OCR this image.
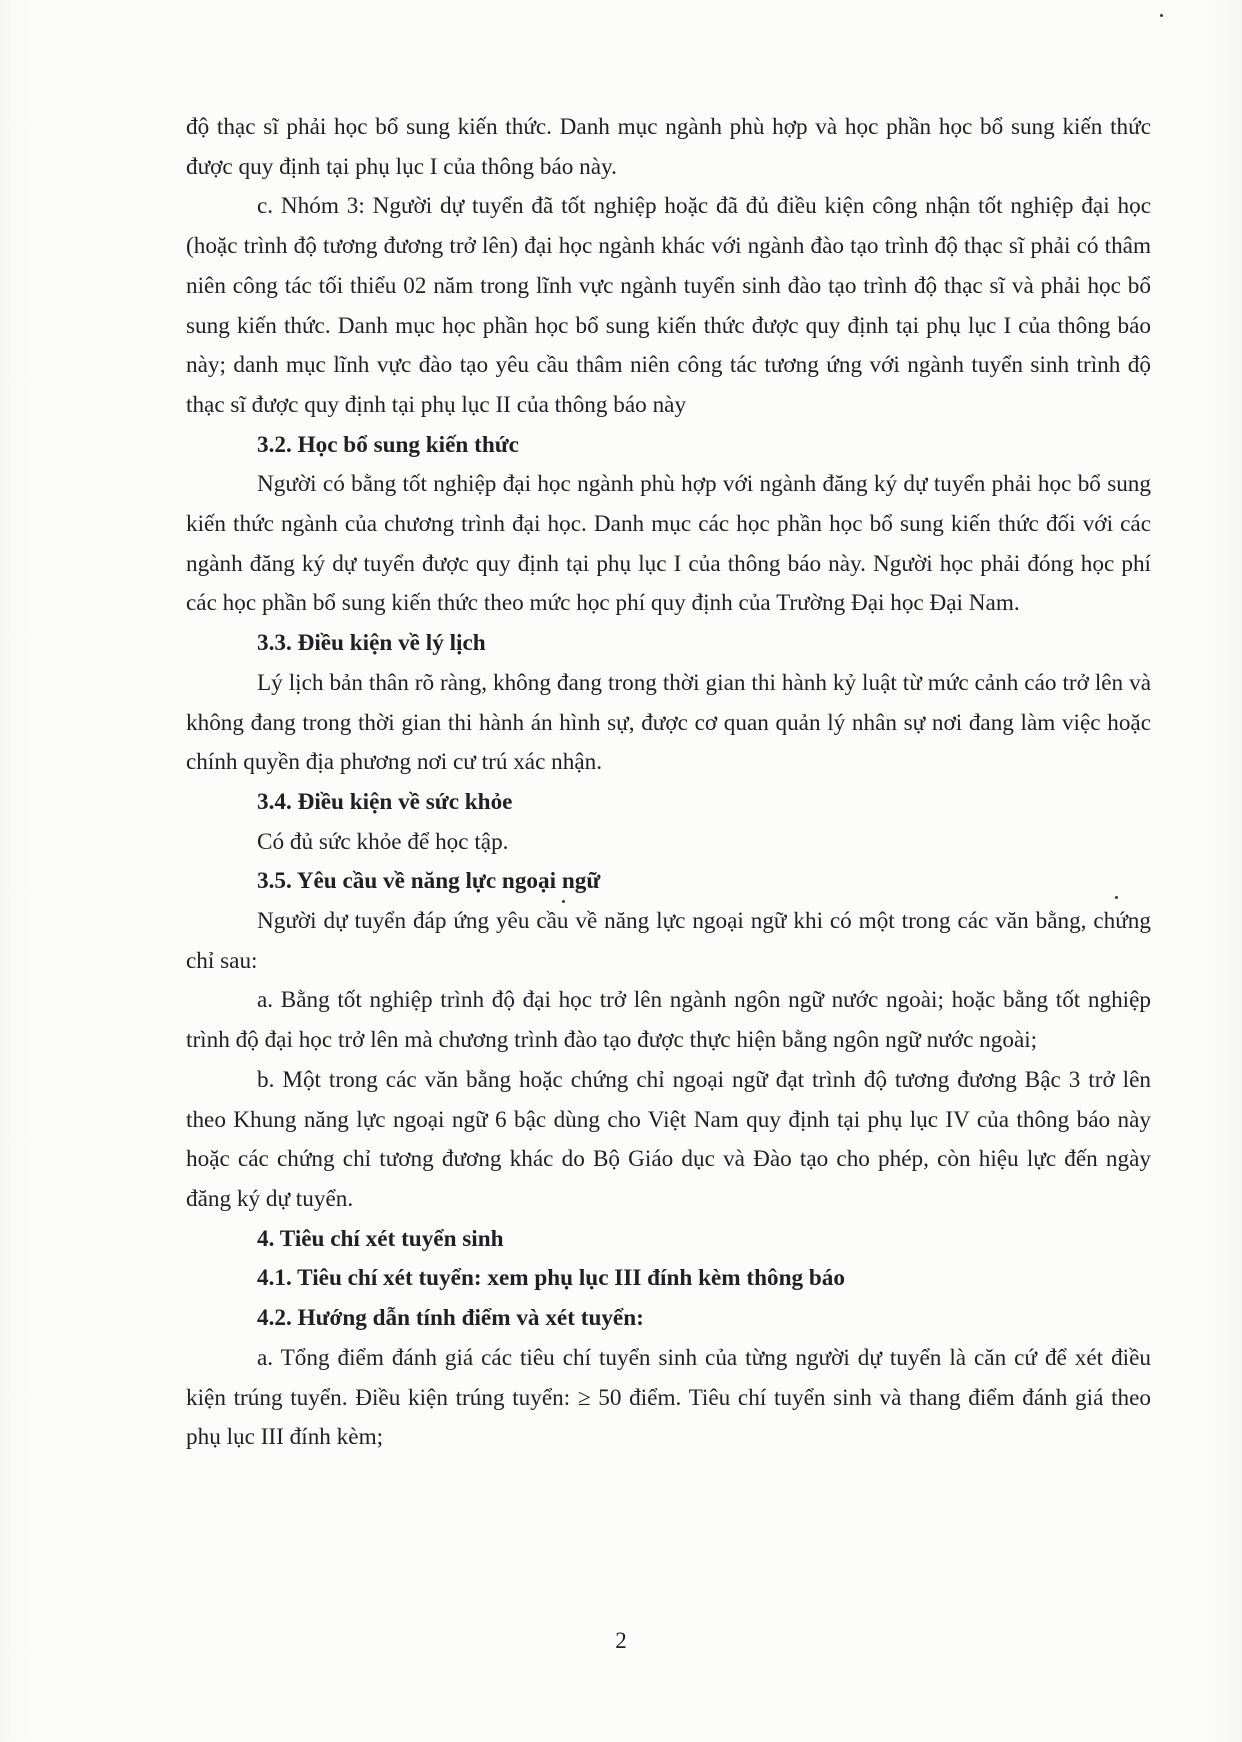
độ thạc sĩ phải học bổ sung kiến thức. Danh mục ngành phù hợp và học phần học bổ sung kiến thức được quy định tại phụ lục I của thông báo này.

c. Nhóm 3: Người dự tuyển đã tốt nghiệp hoặc đã đủ điều kiện công nhận tốt nghiệp đại học (hoặc trình độ tương đương trở lên) đại học ngành khác với ngành đào tạo trình độ thạc sĩ phải có thâm niên công tác tối thiểu 02 năm trong lĩnh vực ngành tuyển sinh đào tạo trình độ thạc sĩ và phải học bổ sung kiến thức. Danh mục học phần học bổ sung kiến thức được quy định tại phụ lục I của thông báo này; danh mục lĩnh vực đào tạo yêu cầu thâm niên công tác tương ứng với ngành tuyển sinh trình độ thạc sĩ được quy định tại phụ lục II của thông báo này

3.2. Học bổ sung kiến thức

Người có bằng tốt nghiệp đại học ngành phù hợp với ngành đăng ký dự tuyển phải học bổ sung kiến thức ngành của chương trình đại học. Danh mục các học phần học bổ sung kiến thức đối với các ngành đăng ký dự tuyển được quy định tại phụ lục I của thông báo này. Người học phải đóng học phí các học phần bổ sung kiến thức theo mức học phí quy định của Trường Đại học Đại Nam.

3.3. Điều kiện về lý lịch

Lý lịch bản thân rõ ràng, không đang trong thời gian thi hành kỷ luật từ mức cảnh cáo trở lên và không đang trong thời gian thi hành án hình sự, được cơ quan quản lý nhân sự nơi đang làm việc hoặc chính quyền địa phương nơi cư trú xác nhận.

3.4. Điều kiện về sức khỏe

Có đủ sức khỏe để học tập.

3.5. Yêu cầu về năng lực ngoại ngữ

Người dự tuyển đáp ứng yêu cầu về năng lực ngoại ngữ khi có một trong các văn bằng, chứng chỉ sau:

a. Bằng tốt nghiệp trình độ đại học trở lên ngành ngôn ngữ nước ngoài; hoặc bằng tốt nghiệp trình độ đại học trở lên mà chương trình đào tạo được thực hiện bằng ngôn ngữ nước ngoài;

b. Một trong các văn bằng hoặc chứng chỉ ngoại ngữ đạt trình độ tương đương Bậc 3 trở lên theo Khung năng lực ngoại ngữ 6 bậc dùng cho Việt Nam quy định tại phụ lục IV của thông báo này hoặc các chứng chỉ tương đương khác do Bộ Giáo dục và Đào tạo cho phép, còn hiệu lực đến ngày đăng ký dự tuyển.

4. Tiêu chí xét tuyển sinh

4.1. Tiêu chí xét tuyển: xem phụ lục III đính kèm thông báo

4.2. Hướng dẫn tính điểm và xét tuyển:

a. Tổng điểm đánh giá các tiêu chí tuyển sinh của từng người dự tuyển là căn cứ để xét điều kiện trúng tuyển. Điều kiện trúng tuyển: ≥ 50 điểm. Tiêu chí tuyển sinh và thang điểm đánh giá theo phụ lục III đính kèm;

2
